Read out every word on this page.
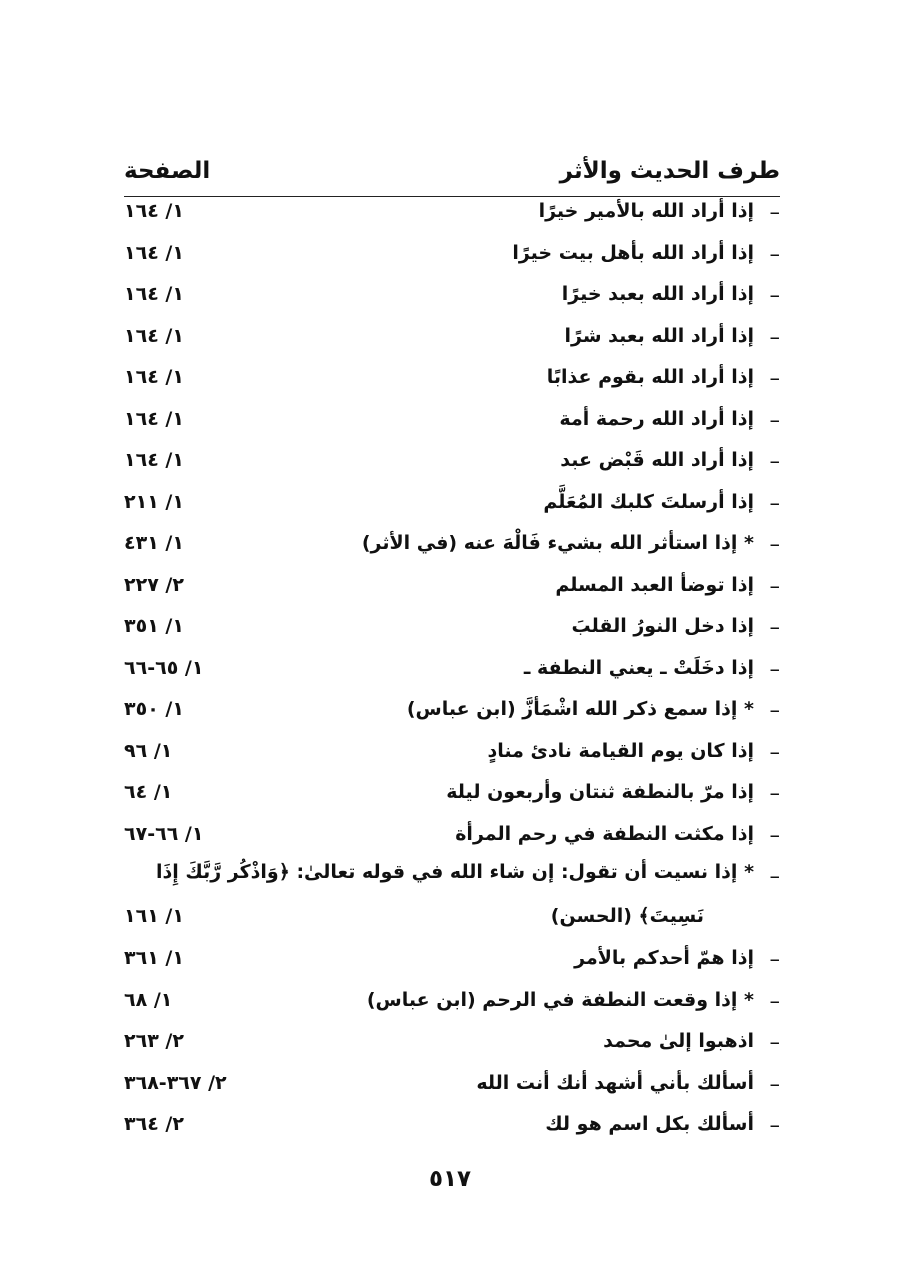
طرف الحديث والأثر
الصفحة
–
إذا أراد الله بالأمير خيرًا
١/ ١٦٤
–
إذا أراد الله بأهل بيت خيرًا
١/ ١٦٤
–
إذا أراد الله بعبد خيرًا
١/ ١٦٤
–
إذا أراد الله بعبد شرًا
١/ ١٦٤
–
إذا أراد الله بقوم عذابًا
١/ ١٦٤
–
إذا أراد الله رحمة أمة
١/ ١٦٤
–
إذا أراد الله قَبْض عبد
١/ ١٦٤
–
إذا أرسلتَ كلبك المُعَلَّم
١/ ٢١١
–
* إذا استأثر الله بشيء فَالْهَ عنه (في الأثر)
١/ ٤٣١
–
إذا توضأ العبد المسلم
٢/ ٢٢٧
–
إذا دخل النورُ القلبَ
١/ ٣٥١
–
إذا دخَلَتْ ـ يعني النطفة ـ
١/ ٦٥-٦٦
–
* إذا سمع ذكر الله اشْمَأزَّ (ابن عباس)
١/ ٣٥٠
–
إذا كان يوم القيامة نادئ منادٍ
١/ ٩٦
–
إذا مرّ بالنطفة ثنتان وأربعون ليلة
١/ ٦٤
–
إذا مكثت النطفة في رحم المرأة
١/ ٦٦-٦٧
–
* إذا نسيت أن تقول: إن شاء الله في قوله تعالىٰ: ﴿وَاذْكُر رَّبَّكَ إِذَا
نَسِيتَ﴾ (الحسن)
١/ ١٦١
–
إذا همّ أحدكم بالأمر
١/ ٣٦١
–
* إذا وقعت النطفة في الرحم (ابن عباس)
١/ ٦٨
–
اذهبوا إلىٰ محمد
٢/ ٢٦٣
–
أسألك بأني أشهد أنك أنت الله
٢/ ٣٦٧-٣٦٨
–
أسألك بكل اسم هو لك
٢/ ٣٦٤
٥١٧
